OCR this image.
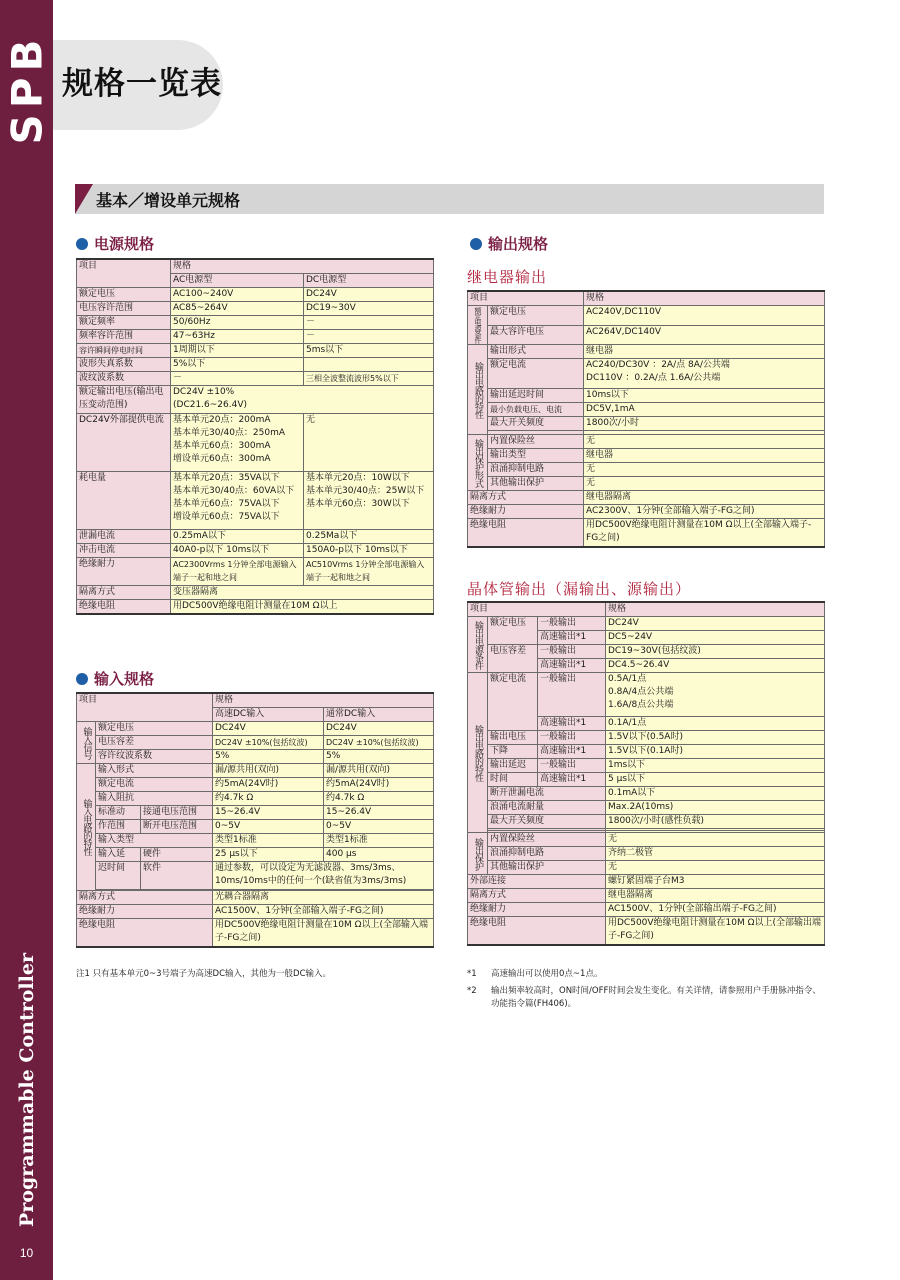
SPB
Programmable Controller
10
规格一览表
基本／增设单元规格
电源规格
项目	规格	
	AC电源型	DC电源型
额定电压	AC100~240V	DC24V
电压容许范围	AC85~264V	DC19~30V
额定频率	50/60Hz	－
频率容许范围	47~63Hz	－
容许瞬间停电时间	1周期以下	5ms以下
波形失真系数	5%以下	
波纹波系数	－	三相全波整流波形5%以下
额定输出电压(输出电压变动范围)	DC24V ±10%
(DC21.6~26.4V)	
DC24V外部提供电流	基本单元20点：200mA
基本单元30/40点：250mA
基本单元60点：300mA
增设单元60点：300mA	无
耗电量	基本单元20点：35VA以下
基本单元30/40点：60VA以下
基本单元60点：75VA以下
增设单元60点：75VA以下	基本单元20点：10W以下
基本单元30/40点：25W以下
基本单元60点：30W以下
泄漏电流	0.25mA以下	0.25Ma以下
冲击电流	40A0-p以下 10ms以下	150A0-p以下 10ms以下
绝缘耐力	AC2300Vrms 1分钟全部电源输入端子一起和地之间	AC510Vrms 1分钟全部电源输入端子一起和地之间
隔离方式	变压器隔离	
绝缘电阻	用DC500V绝缘电阻计测量在10M Ω以上	
输入规格
项目			规格	
			高速DC输入	通常DC输入
输入信号	额定电压		DC24V	DC24V
	电压容差		DC24V ±10%(包括纹波)	DC24V ±10%(包括纹波)
	容许纹波系数		5%	5%
输入电路的特性	输入形式		漏/源共用(双向)	漏/源共用(双向)
	额定电流		约5mA(24V时)	约5mA(24V时)
	输入阻抗		约4.7k Ω	约4.7k Ω
	标准动	接通电压范围	15~26.4V	15~26.4V
	作范围	断开电压范围	0~5V	0~5V
	输入类型		类型1标准	类型1标准
	输入延	硬件	25 μs以下	400 μs
	迟时间	软件	通过参数，可以设定为无滤波器、3ms/3ms、10ms/10ms中的任何一个(缺省值为3ms/3ms)	

隔离方式			光耦合器隔离	
绝缘耐力			AC1500V、1分钟(全部输入端子-FG之间)	
绝缘电阻			用DC500V绝缘电阻计测量在10M Ω以上(全部输入端子-FG之间)	
注1 只有基本单元0~3号端子为高速DC输入，其他为一般DC输入。
输出规格
继电器输出
项目		规格
额定电源条件	额定电压	AC240V,DC110V
	最大容许电压	AC264V,DC140V
输出电路的特性	输出形式	继电器
	额定电流	AC240/DC30V ：2A/点 8A/公共端
DC110V ：0.2A/点 1.6A/公共端
	输出延迟时间	10ms以下
	最小负载电压、电流	DC5V,1mA
	最大开关频度	1800次/小时

输出保护形式	内置保险丝	无
	输出类型	继电器
	浪涌抑制电路	无
	其他输出保护	无
隔离方式		继电器隔离
绝缘耐力		AC2300V、1分钟(全部输入端子-FG之间)
绝缘电阻		用DC500V绝缘电阻计测量在10M Ω以上(全部输入端子-FG之间)
晶体管输出（漏输出、源输出）
项目			规格
输出电源条件	额定电压	一般输出	DC24V
		高速输出*1	DC5~24V
	电压容差	一般输出	DC19~30V(包括纹波)
		高速输出*1	DC4.5~26.4V
输出电路的特性	额定电流	一般输出	0.5A/1点
0.8A/4点公共端
1.6A/8点公共端
		高速输出*1	0.1A/1点
	输出电压	一般输出	1.5V以下(0.5A时)
	下降	高速输出*1	1.5V以下(0.1A时)
	输出延迟	一般输出	1ms以下
	时间	高速输出*1	5 μs以下
	断开泄漏电流		0.1mA以下
	浪涌电流耐量		Max.2A(10ms)
	最大开关频度		1800次/小时(感性负载)

输出保护	内置保险丝		无
	浪涌抑制电路		齐纳二极管
	其他输出保护		无
外部连接			螺钉紧固端子台M3
隔离方式			继电器隔离
绝缘耐力			AC1500V、1分钟(全部输出端子-FG之间)
绝缘电阻			用DC500V绝缘电阻计测量在10M Ω以上(全部输出端子-FG之间)
*1 高速输出可以使用0点~1点。
*2	输出频率较高时，ON时间/OFF时间会发生变化。有关详情，请参照用户手册脉冲指令、功能指令篇(FH406)。
